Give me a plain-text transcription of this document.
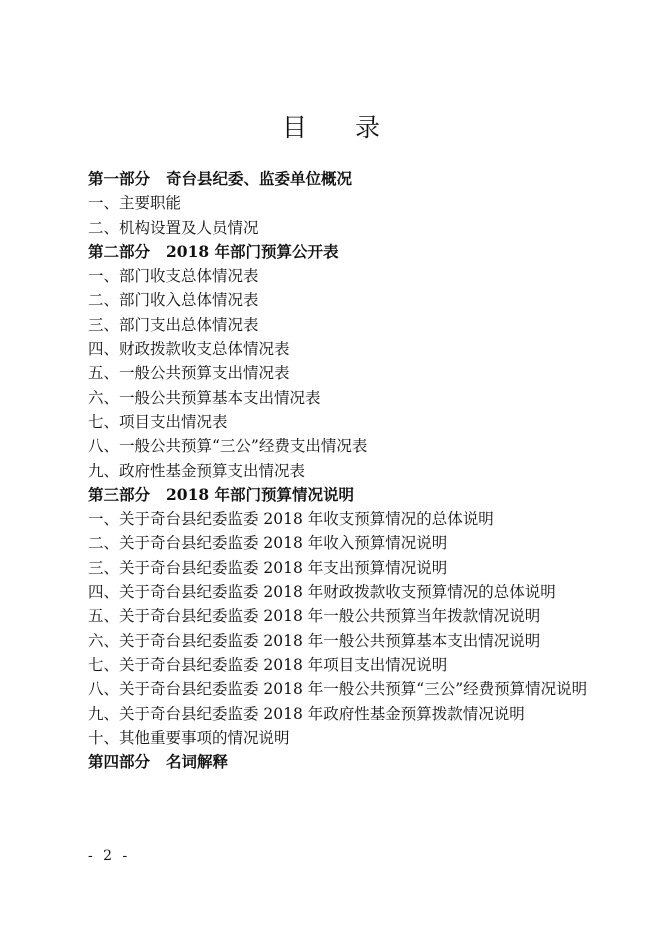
目 录
第一部分 奇台县纪委、监委单位概况
一、主要职能
二、机构设置及人员情况
第二部分 2018 年部门预算公开表
一、部门收支总体情况表
二、部门收入总体情况表
三、部门支出总体情况表
四、财政拨款收支总体情况表
五、一般公共预算支出情况表
六、一般公共预算基本支出情况表
七、项目支出情况表
八、一般公共预算“三公”经费支出情况表
九、政府性基金预算支出情况表
第三部分 2018 年部门预算情况说明
一、关于奇台县纪委监委 2018 年收支预算情况的总体说明
二、关于奇台县纪委监委 2018 年收入预算情况说明
三、关于奇台县纪委监委 2018 年支出预算情况说明
四、关于奇台县纪委监委 2018 年财政拨款收支预算情况的总体说明
五、关于奇台县纪委监委 2018 年一般公共预算当年拨款情况说明
六、关于奇台县纪委监委 2018 年一般公共预算基本支出情况说明
七、关于奇台县纪委监委 2018 年项目支出情况说明
八、关于奇台县纪委监委 2018 年一般公共预算“三公”经费预算情况说明
九、关于奇台县纪委监委 2018 年政府性基金预算拨款情况说明
十、其他重要事项的情况说明
第四部分 名词解释
- 2 -
